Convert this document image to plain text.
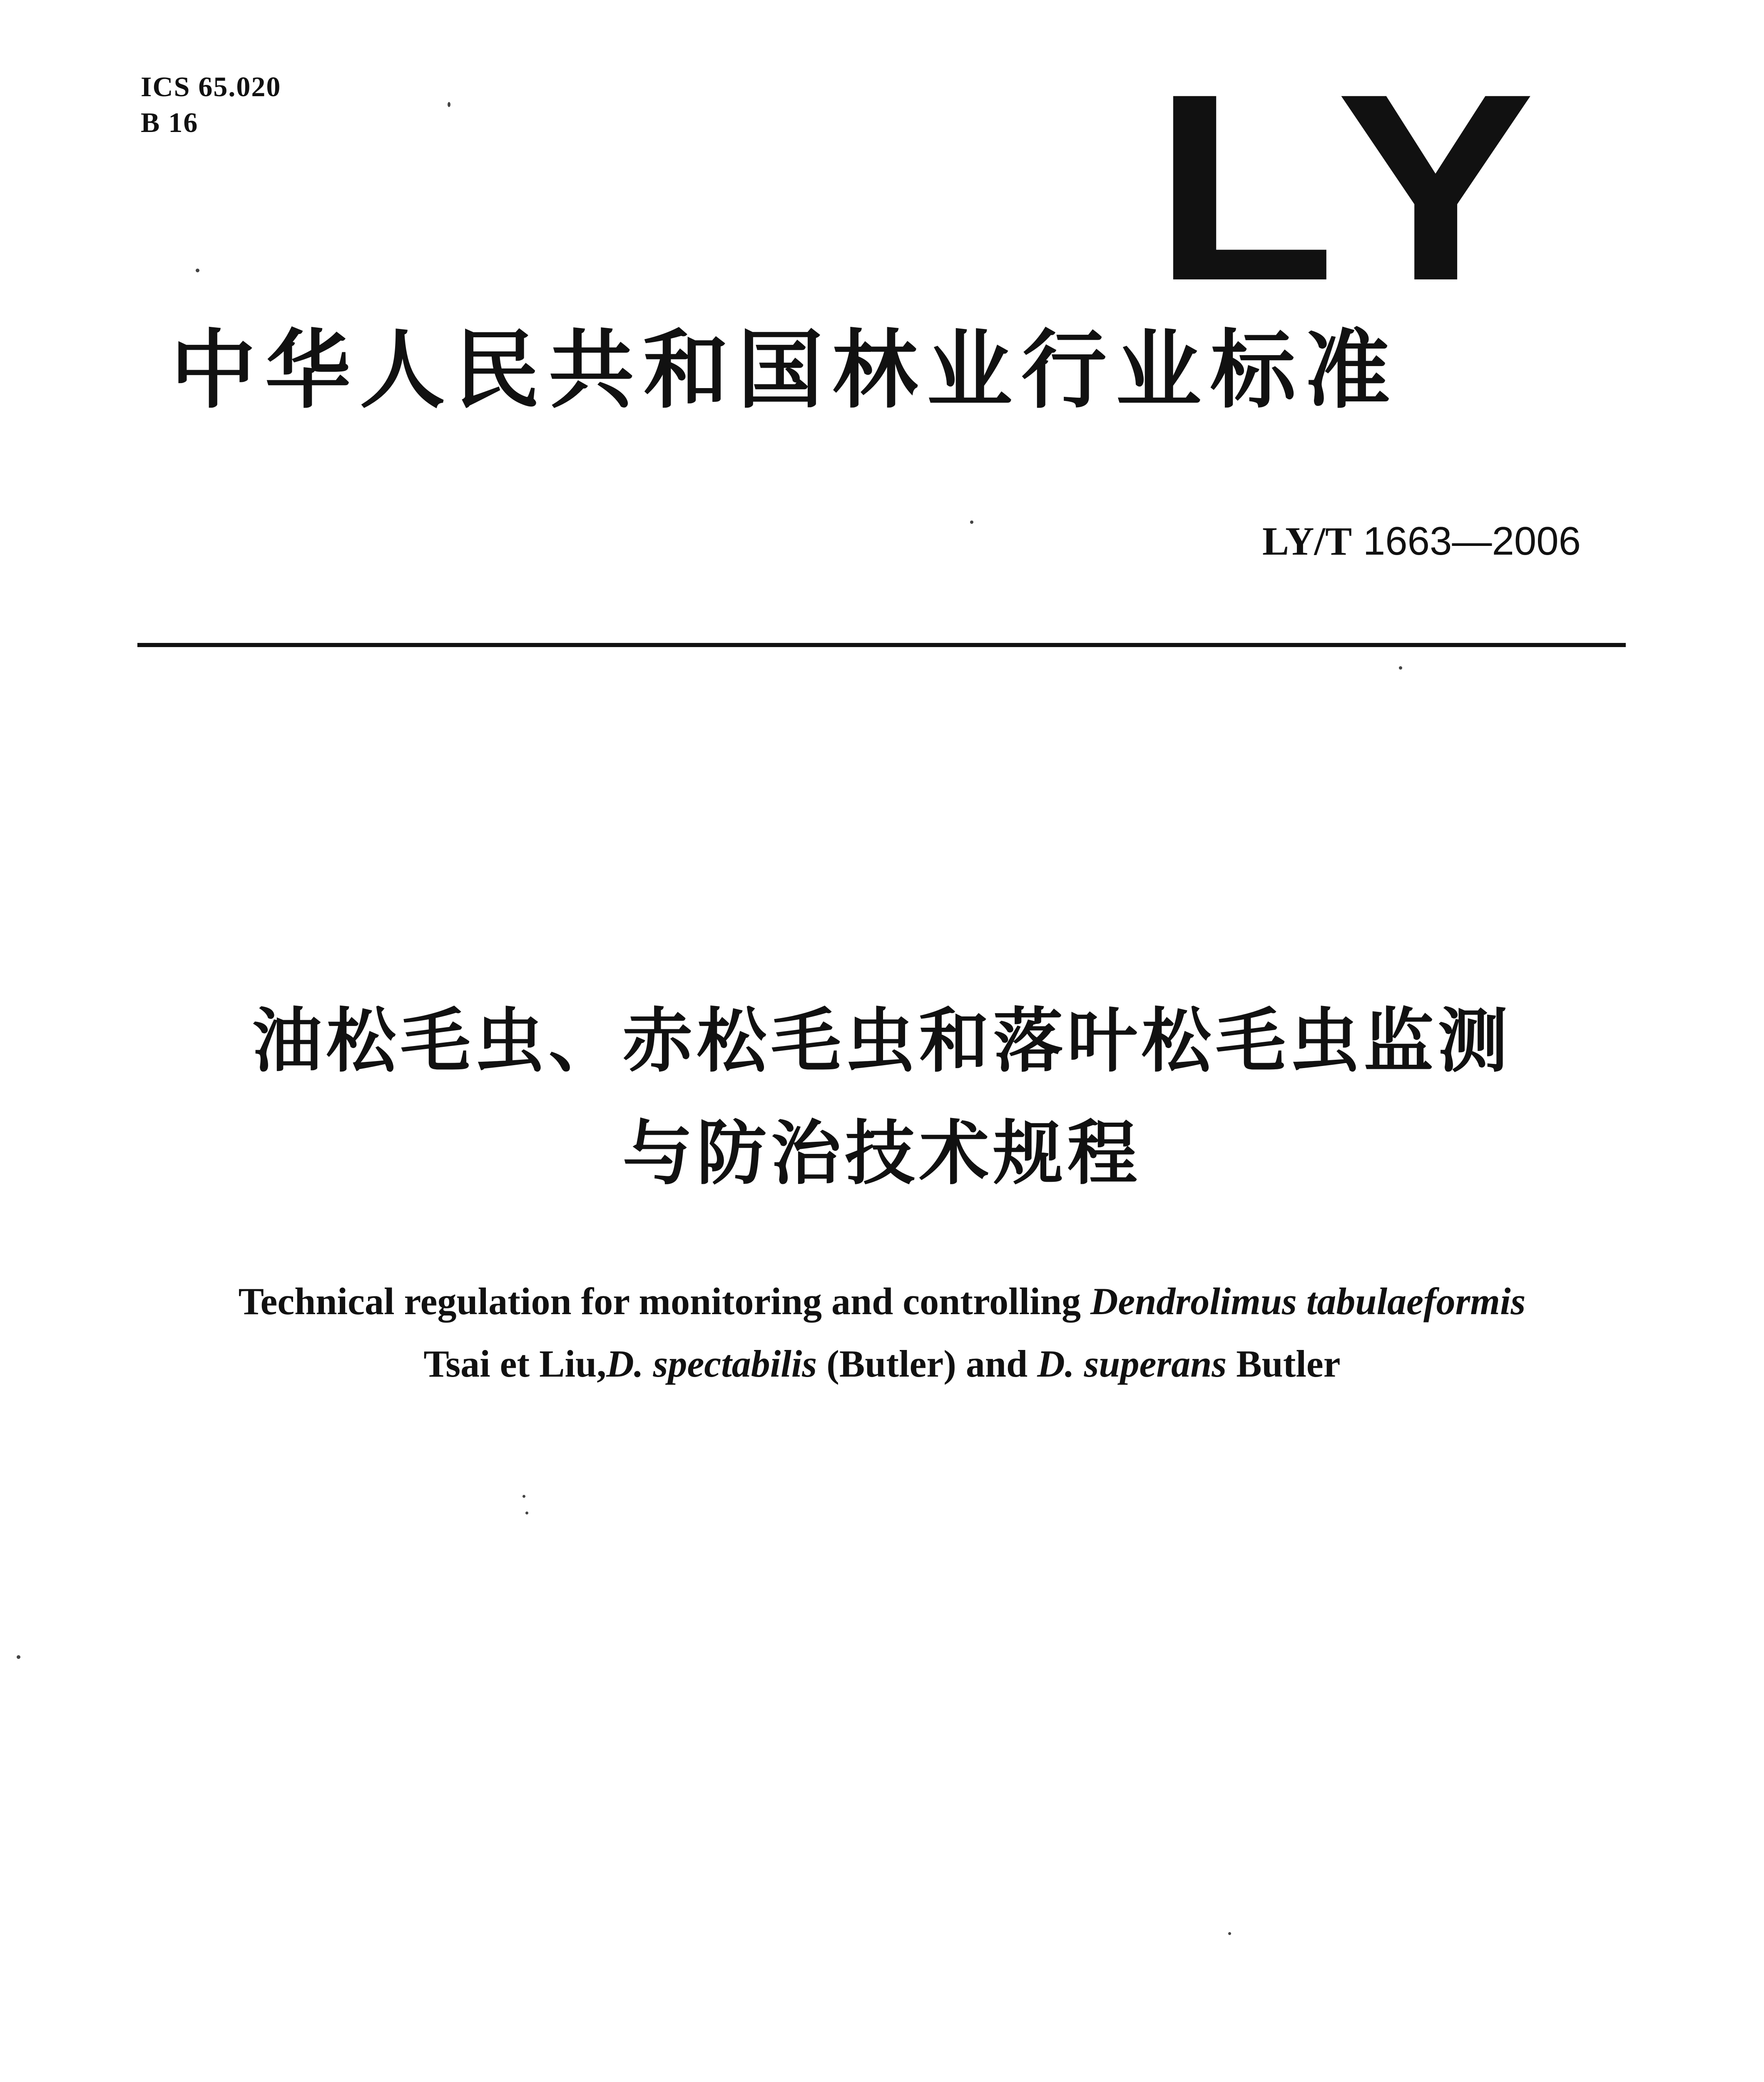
ICS 65.020
B 16	LY
中华人民共和国林业行业标准
LY/T 1663—2006
油松毛虫、赤松毛虫和落叶松毛虫监测
与防治技术规程
Technical regulation for monitoring and controlling Dendrolimus tabulaeformis
Tsai et Liu,D. spectabilis (Butler) and D. superans Butler
